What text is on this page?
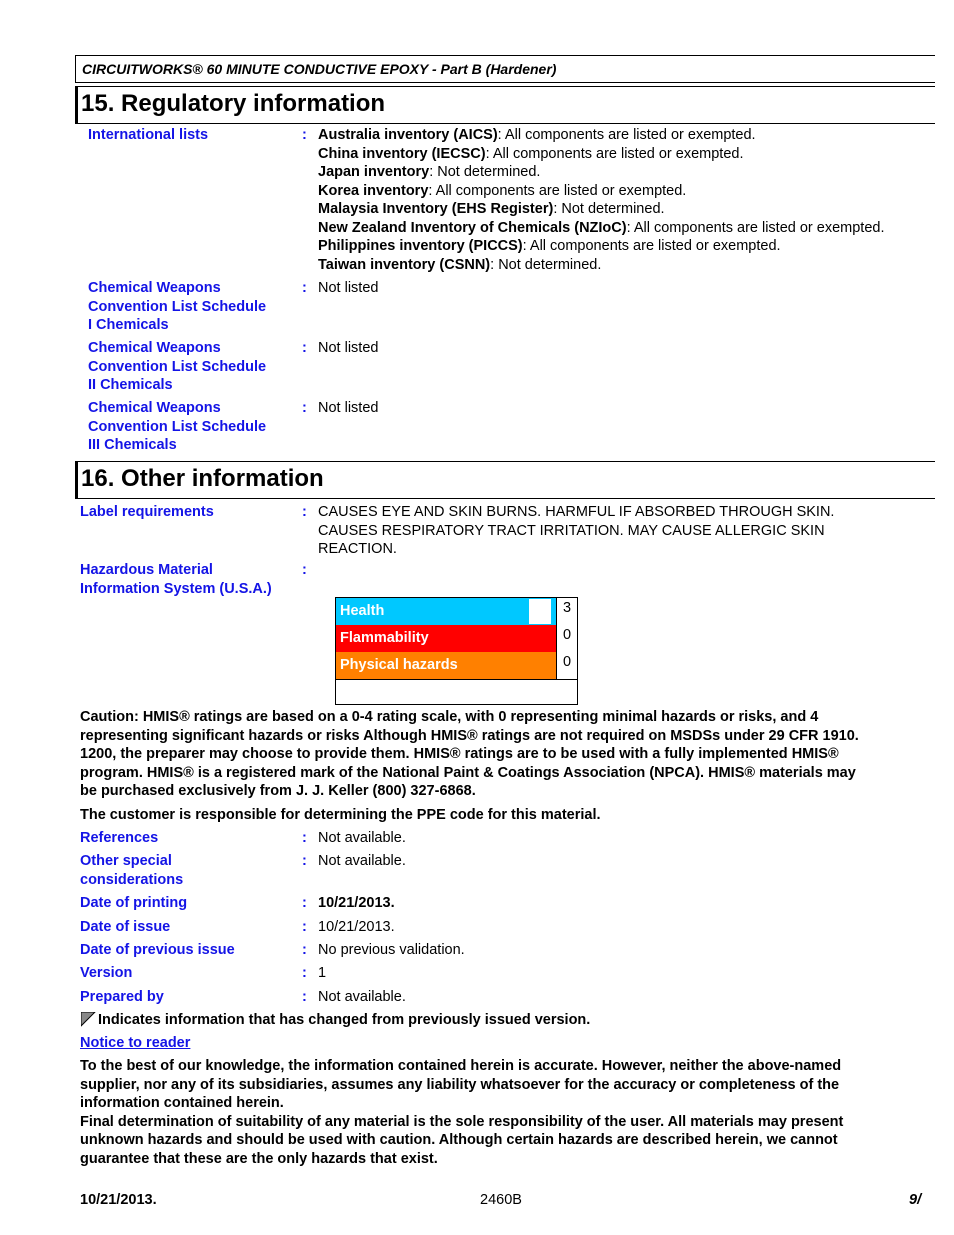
CIRCUITWORKS® 60 MINUTE CONDUCTIVE EPOXY - Part B (Hardener)
15. Regulatory information
International lists	: Australia inventory (AICS): All components are listed or exempted.
China inventory (IECSC): All components are listed or exempted.
Japan inventory: Not determined.
Korea inventory: All components are listed or exempted.
Malaysia Inventory (EHS Register): Not determined.
New Zealand Inventory of Chemicals (NZIoC): All components are listed or exempted.
Philippines inventory (PICCS): All components are listed or exempted.
Taiwan inventory (CSNN): Not determined.
Chemical Weapons
Convention List Schedule
I Chemicals
: Not listed
Chemical Weapons
Convention List Schedule
II Chemicals
: Not listed
Chemical Weapons
Convention List Schedule
III Chemicals
: Not listed
16. Other information
Label requirements	: CAUSES EYE AND SKIN BURNS. HARMFUL IF ABSORBED THROUGH SKIN.
CAUSES RESPIRATORY TRACT IRRITATION. MAY CAUSE ALLERGIC SKIN
REACTION.
Hazardous Material
Information System (U.S.A.)
:
Health	3
Flammability	0
Physical hazards	0
Caution: HMIS® ratings are based on a 0-4 rating scale, with 0 representing minimal hazards or risks, and 4
representing significant hazards or risks Although HMIS® ratings are not required on MSDSs under 29 CFR 1910.
1200, the preparer may choose to provide them. HMIS® ratings are to be used with a fully implemented HMIS®
program. HMIS® is a registered mark of the National Paint & Coatings Association (NPCA). HMIS® materials may
be purchased exclusively from J. J. Keller (800) 327-6868.
The customer is responsible for determining the PPE code for this material.
References	: Not available.
Other special
considerations
: Not available.
Date of printing	: 10/21/2013.
Date of issue	: 10/21/2013.
Date of previous issue	: No previous validation.
Version	: 1
Prepared by	: Not available.
Indicates information that has changed from previously issued version.
Notice to reader
To the best of our knowledge, the information contained herein is accurate. However, neither the above-named
supplier, nor any of its subsidiaries, assumes any liability whatsoever for the accuracy or completeness of the
information contained herein.
Final determination of suitability of any material is the sole responsibility of the user. All materials may present
unknown hazards and should be used with caution. Although certain hazards are described herein, we cannot
guarantee that these are the only hazards that exist.
10/21/2013.	2460B	9/
